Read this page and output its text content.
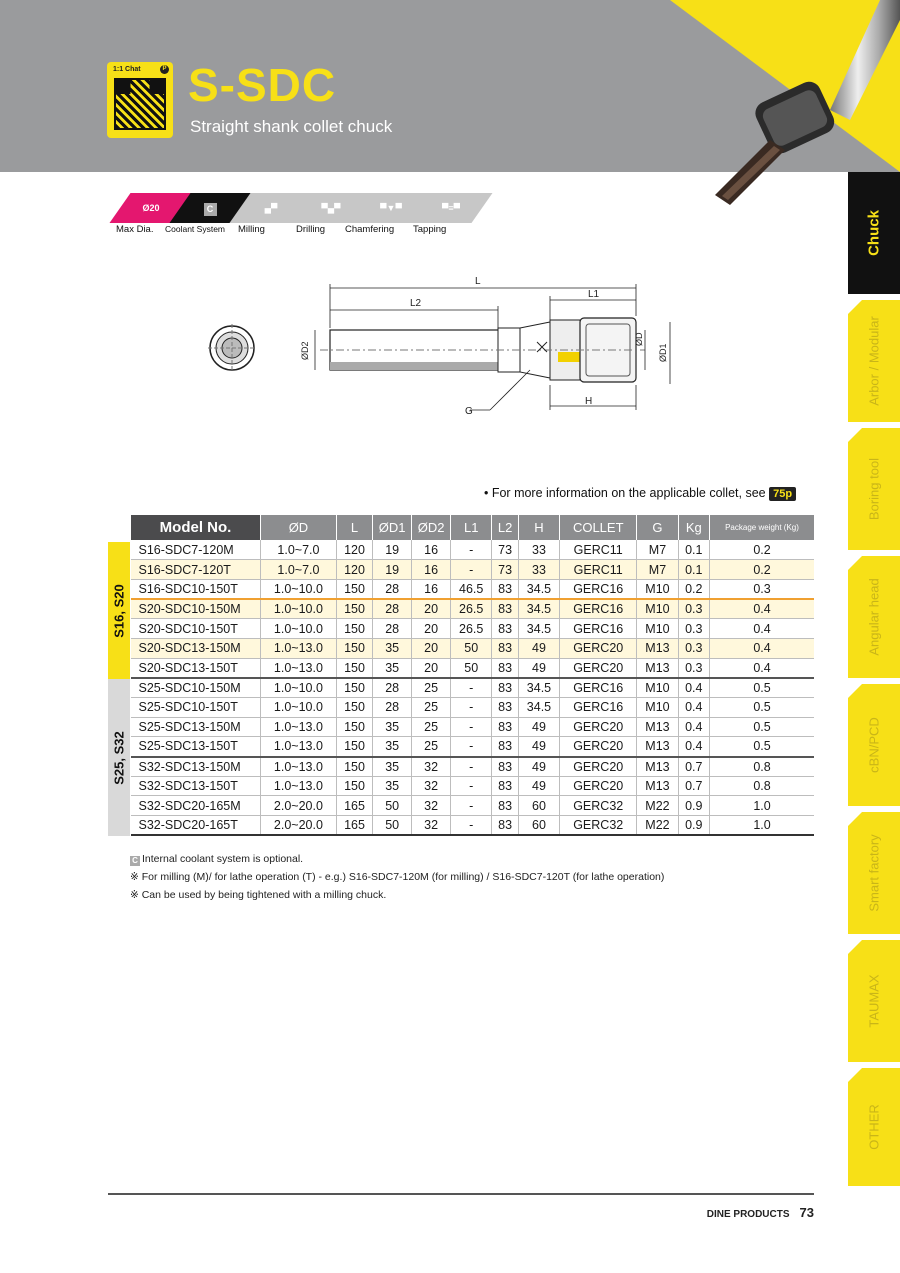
1:1 Chat	P S-SDC
Straight shank collet chuck
Chuck
Arbor / Modular
Boring tool
Angular head
cBN/PCD
Smart factory
TAUMAX
OTHER
Ø20	C	▄▀	▀▄▀	▀▼▀	▀≡▀
Max Dia. Coolant System Milling	Drilling Chamfering Tapping
L
L2
L1
ØD2
ØD
ØD1
G
H
• For more information on the applicable collet, see 75p
S16, S20
S25, S32
Model No.	ØD	L	ØD1	ØD2	L1	L2	H	COLLET	G	Kg	Package weight (Kg)
S16-SDC7-120M	1.0~7.0	120	19	16	-	73	33	GERC11	M7	0.1	0.2
S16-SDC7-120T	1.0~7.0	120	19	16	-	73	33	GERC11	M7	0.1	0.2
S16-SDC10-150T	1.0~10.0	150	28	16	46.5	83	34.5	GERC16	M10	0.2	0.3
S20-SDC10-150M	1.0~10.0	150	28	20	26.5	83	34.5	GERC16	M10	0.3	0.4
S20-SDC10-150T	1.0~10.0	150	28	20	26.5	83	34.5	GERC16	M10	0.3	0.4
S20-SDC13-150M	1.0~13.0	150	35	20	50	83	49	GERC20	M13	0.3	0.4
S20-SDC13-150T	1.0~13.0	150	35	20	50	83	49	GERC20	M13	0.3	0.4
S25-SDC10-150M	1.0~10.0	150	28	25	-	83	34.5	GERC16	M10	0.4	0.5
S25-SDC10-150T	1.0~10.0	150	28	25	-	83	34.5	GERC16	M10	0.4	0.5
S25-SDC13-150M	1.0~13.0	150	35	25	-	83	49	GERC20	M13	0.4	0.5
S25-SDC13-150T	1.0~13.0	150	35	25	-	83	49	GERC20	M13	0.4	0.5
S32-SDC13-150M	1.0~13.0	150	35	32	-	83	49	GERC20	M13	0.7	0.8
S32-SDC13-150T	1.0~13.0	150	35	32	-	83	49	GERC20	M13	0.7	0.8
S32-SDC20-165M	2.0~20.0	165	50	32	-	83	60	GERC32	M22	0.9	1.0
S32-SDC20-165T	2.0~20.0	165	50	32	-	83	60	GERC32	M22	0.9	1.0
C Internal coolant system is optional.
※ For milling (M)/ for lathe operation (T) - e.g.) S16-SDC7-120M (for milling) / S16-SDC7-120T (for lathe operation)
※ Can be used by being tightened with a milling chuck.
DINE PRODUCTS 73
